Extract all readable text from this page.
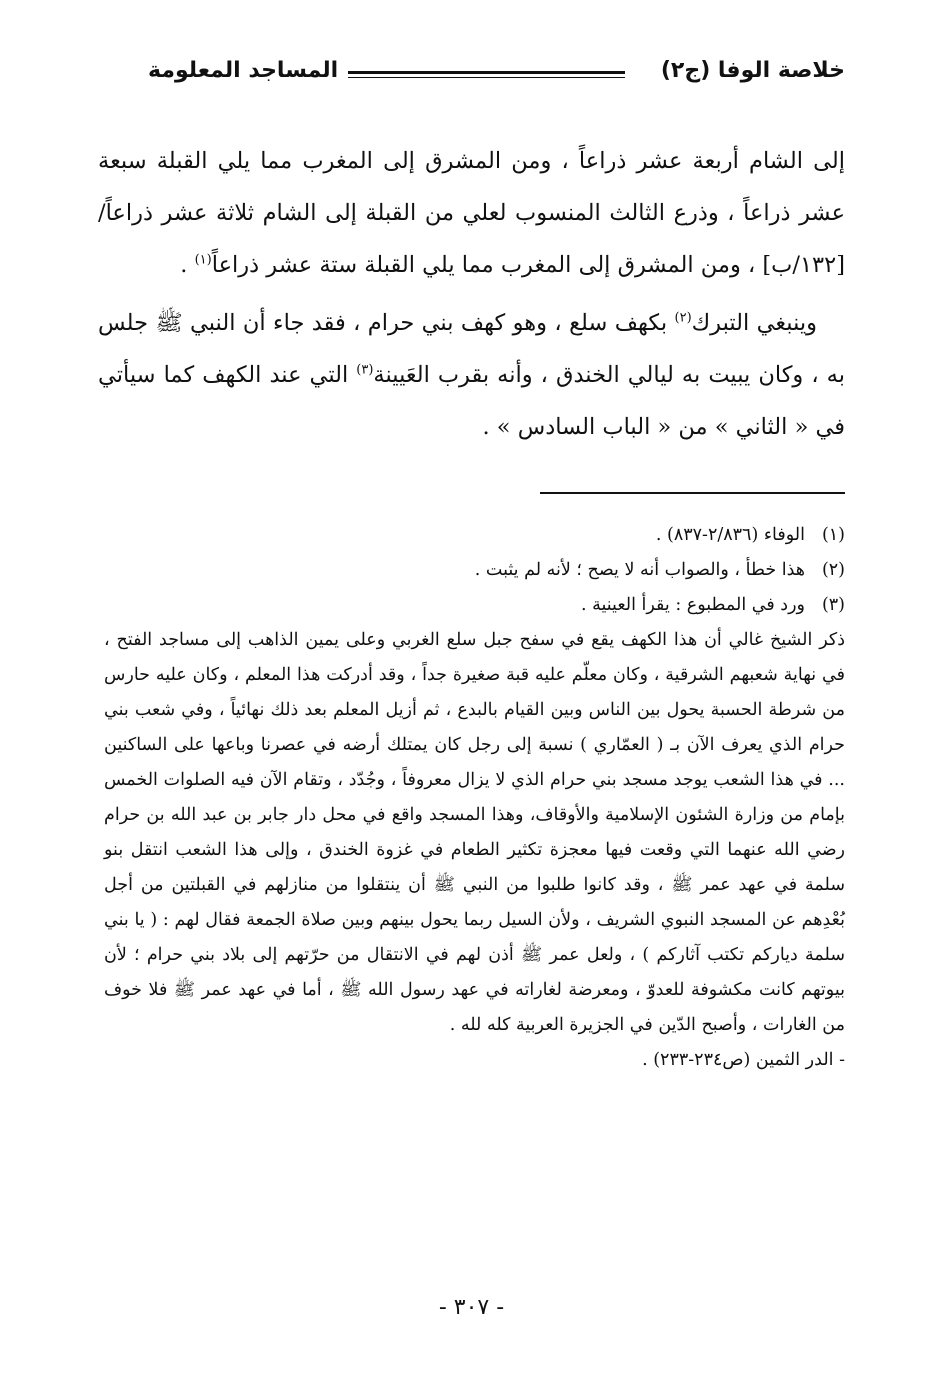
خلاصة الوفا (ج٢)
المساجد المعلومة

إلى الشام أربعة عشر ذراعاً ، ومن المشرق إلى المغرب مما يلي القبلة سبعة عشر ذراعاً ، وذرع الثالث المنسوب لعلي من القبلة إلى الشام ثلاثة عشر ذراعاً/ [١٣٢/ب] ، ومن المشرق إلى المغرب مما يلي القبلة ستة عشر ذراعاً$^{(١)}$ .

وينبغي التبرك$^{(٢)}$ بكهف سلع ، وهو كهف بني حرام ، فقد جاء أن النبي ﷺ جلس به ، وكان يبيت به ليالي الخندق ، وأنه بقرب العَيينة$^{(٣)}$ التي عند الكهف كما سيأتي في « الثاني » من « الباب السادس » .

(١)
الوفاء (٢/٨٣٦-٨٣٧) .
(٢)
هذا خطأ ، والصواب أنه لا يصح ؛ لأنه لم يثبت .
(٣)
ورد في المطبوع : يقرأ العينية .

ذكر الشيخ غالي أن هذا الكهف يقع في سفح جبل سلع الغربي وعلى يمين الذاهب إلى مساجد الفتح ، في نهاية شعبهم الشرقية ، وكان معلّم عليه قبة صغيرة جداً ، وقد أدركت هذا المعلم ، وكان عليه حارس من شرطة الحسبة يحول بين الناس وبين القيام بالبدع ، ثم أزيل المعلم بعد ذلك نهائياً ، وفي شعب بني حرام الذي يعرف الآن بـ ( العمّاري ) نسبة إلى رجل كان يمتلك أرضه في عصرنا وباعها على الساكنين ... في هذا الشعب يوجد مسجد بني حرام الذي لا يزال معروفاً ، وجُدّد ، وتقام الآن فيه الصلوات الخمس بإمام من وزارة الشئون الإسلامية والأوقاف، وهذا المسجد واقع في محل دار جابر بن عبد الله بن حرام رضي الله عنهما التي وقعت فيها معجزة تكثير الطعام في غزوة الخندق ، وإلى هذا الشعب انتقل بنو سلمة في عهد عمر ﷺ ، وقد كانوا طلبوا من النبي ﷺ أن ينتقلوا من منازلهم في القبلتين من أجل بُعْدِهم عن المسجد النبوي الشريف ، ولأن السيل ربما يحول بينهم وبين صلاة الجمعة فقال لهم : ( يا بني سلمة دياركم تكتب آثاركم ) ، ولعل عمر ﷺ أذن لهم في الانتقال من حرّتهم إلى بلاد بني حرام ؛ لأن بيوتهم كانت مكشوفة للعدوّ ، ومعرضة لغاراته في عهد رسول الله ﷺ ، أما في عهد عمر ﷺ فلا خوف من الغارات ، وأصبح الدّين في الجزيرة العربية كله لله .

- الدر الثمين (ص٢٣٤-٢٣٣) .

- ٣٠٧ -
